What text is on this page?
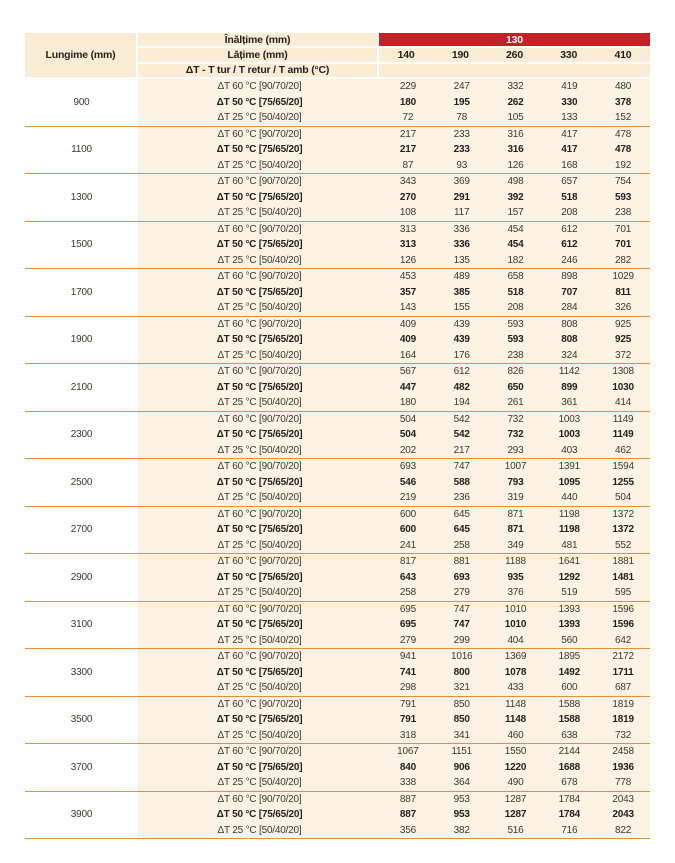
Lungime (mm)
Înălțime (mm)	130
Lățime (mm)	140	190	260	330	410
ΔT - T tur / T retur / T amb (°C)
900
ΔT 60 °C [90/70/20]	229	247	332	419	480
ΔT 50 °C [75/65/20]	180	195	262	330	378
ΔT 25 °C [50/40/20]	72	78	105	133	152
1100
ΔT 60 °C [90/70/20]	217	233	316	417	478
ΔT 50 °C [75/65/20]	217	233	316	417	478
ΔT 25 °C [50/40/20]	87	93	126	168	192
1300
ΔT 60 °C [90/70/20]	343	369	498	657	754
ΔT 50 °C [75/65/20]	270	291	392	518	593
ΔT 25 °C [50/40/20]	108	117	157	208	238
1500
ΔT 60 °C [90/70/20]	313	336	454	612	701
ΔT 50 °C [75/65/20]	313	336	454	612	701
ΔT 25 °C [50/40/20]	126	135	182	246	282
1700
ΔT 60 °C [90/70/20]	453	489	658	898	1029
ΔT 50 °C [75/65/20]	357	385	518	707	811
ΔT 25 °C [50/40/20]	143	155	208	284	326
1900
ΔT 60 °C [90/70/20]	409	439	593	808	925
ΔT 50 °C [75/65/20]	409	439	593	808	925
ΔT 25 °C [50/40/20]	164	176	238	324	372
2100
ΔT 60 °C [90/70/20]	567	612	826	1142	1308
ΔT 50 °C [75/65/20]	447	482	650	899	1030
ΔT 25 °C [50/40/20]	180	194	261	361	414
2300
ΔT 60 °C [90/70/20]	504	542	732	1003	1149
ΔT 50 °C [75/65/20]	504	542	732	1003	1149
ΔT 25 °C [50/40/20]	202	217	293	403	462
2500
ΔT 60 °C [90/70/20]	693	747	1007	1391	1594
ΔT 50 °C [75/65/20]	546	588	793	1095	1255
ΔT 25 °C [50/40/20]	219	236	319	440	504
2700
ΔT 60 °C [90/70/20]	600	645	871	1198	1372
ΔT 50 °C [75/65/20]	600	645	871	1198	1372
ΔT 25 °C [50/40/20]	241	258	349	481	552
2900
ΔT 60 °C [90/70/20]	817	881	1188	1641	1881
ΔT 50 °C [75/65/20]	643	693	935	1292	1481
ΔT 25 °C [50/40/20]	258	279	376	519	595
3100
ΔT 60 °C [90/70/20]	695	747	1010	1393	1596
ΔT 50 °C [75/65/20]	695	747	1010	1393	1596
ΔT 25 °C [50/40/20]	279	299	404	560	642
3300
ΔT 60 °C [90/70/20]	941	1016	1369	1895	2172
ΔT 50 °C [75/65/20]	741	800	1078	1492	1711
ΔT 25 °C [50/40/20]	298	321	433	600	687
3500
ΔT 60 °C [90/70/20]	791	850	1148	1588	1819
ΔT 50 °C [75/65/20]	791	850	1148	1588	1819
ΔT 25 °C [50/40/20]	318	341	460	638	732
3700
ΔT 60 °C [90/70/20]	1067	1151	1550	2144	2458
ΔT 50 °C [75/65/20]	840	906	1220	1688	1936
ΔT 25 °C [50/40/20]	338	364	490	678	778
3900
ΔT 60 °C [90/70/20]	887	953	1287	1784	2043
ΔT 50 °C [75/65/20]	887	953	1287	1784	2043
ΔT 25 °C [50/40/20]	356	382	516	716	822
